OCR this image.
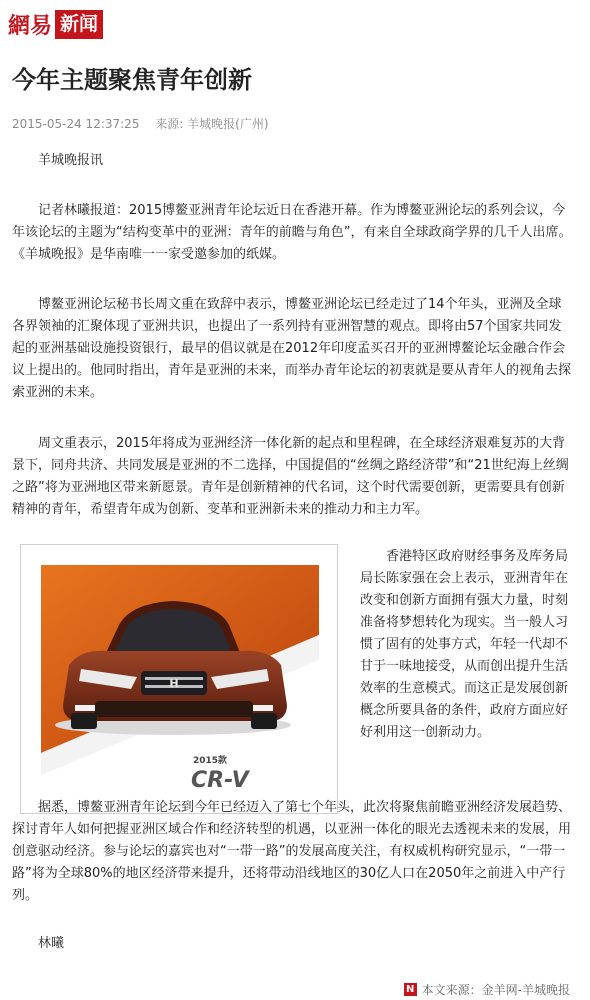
網易 新闻
今年主题聚焦青年创新
2015-05-24 12:37:25 来源: 羊城晚报(广州)

羊城晚报讯

记者林曦报道：2015博鳌亚洲青年论坛近日在香港开幕。作为博鳌亚洲论坛的系列会议，今年该论坛的主题为“结构变革中的亚洲：青年的前瞻与角色”，有来自全球政商学界的几千人出席。《羊城晚报》是华南唯一一家受邀参加的纸媒。

博鳌亚洲论坛秘书长周文重在致辞中表示，博鳌亚洲论坛已经走过了14个年头，亚洲及全球各界领袖的汇聚体现了亚洲共识，也提出了一系列持有亚洲智慧的观点。即将由57个国家共同发起的亚洲基础设施投资银行，最早的倡议就是在2012年印度孟买召开的亚洲博鳌论坛金融合作会议上提出的。他同时指出，青年是亚洲的未来，而举办青年论坛的初衷就是要从青年人的视角去探索亚洲的未来。

周文重表示，2015年将成为亚洲经济一体化新的起点和里程碑，在全球经济艰难复苏的大背景下，同舟共济、共同发展是亚洲的不二选择，中国提倡的“丝绸之路经济带”和“21世纪海上丝绸之路”将为亚洲地区带来新愿景。青年是创新精神的代名词，这个时代需要创新，更需要具有创新精神的青年，希望青年成为创新、变革和亚洲新未来的推动力和主力军。

H
2015款
CR-V

香港特区政府财经事务及库务局局长陈家强在会上表示，亚洲青年在改变和创新方面拥有强大力量，时刻准备将梦想转化为现实。当一般人习惯了固有的处事方式，年轻一代却不甘于一味地接受，从而创出提升生活效率的生意模式。而这正是发展创新概念所要具备的条件，政府方面应好好利用这一创新动力。

据悉，博鳌亚洲青年论坛到今年已经迈入了第七个年头，此次将聚焦前瞻亚洲经济发展趋势、探讨青年人如何把握亚洲区域合作和经济转型的机遇，以亚洲一体化的眼光去透视未来的发展，用创意驱动经济。参与论坛的嘉宾也对“一带一路”的发展高度关注，有权威机构研究显示，“一带一路”将为全球80%的地区经济带来提升，还将带动沿线地区的30亿人口在2050年之前进入中产行列。

林曦

N 本文来源：金羊网-羊城晚报
